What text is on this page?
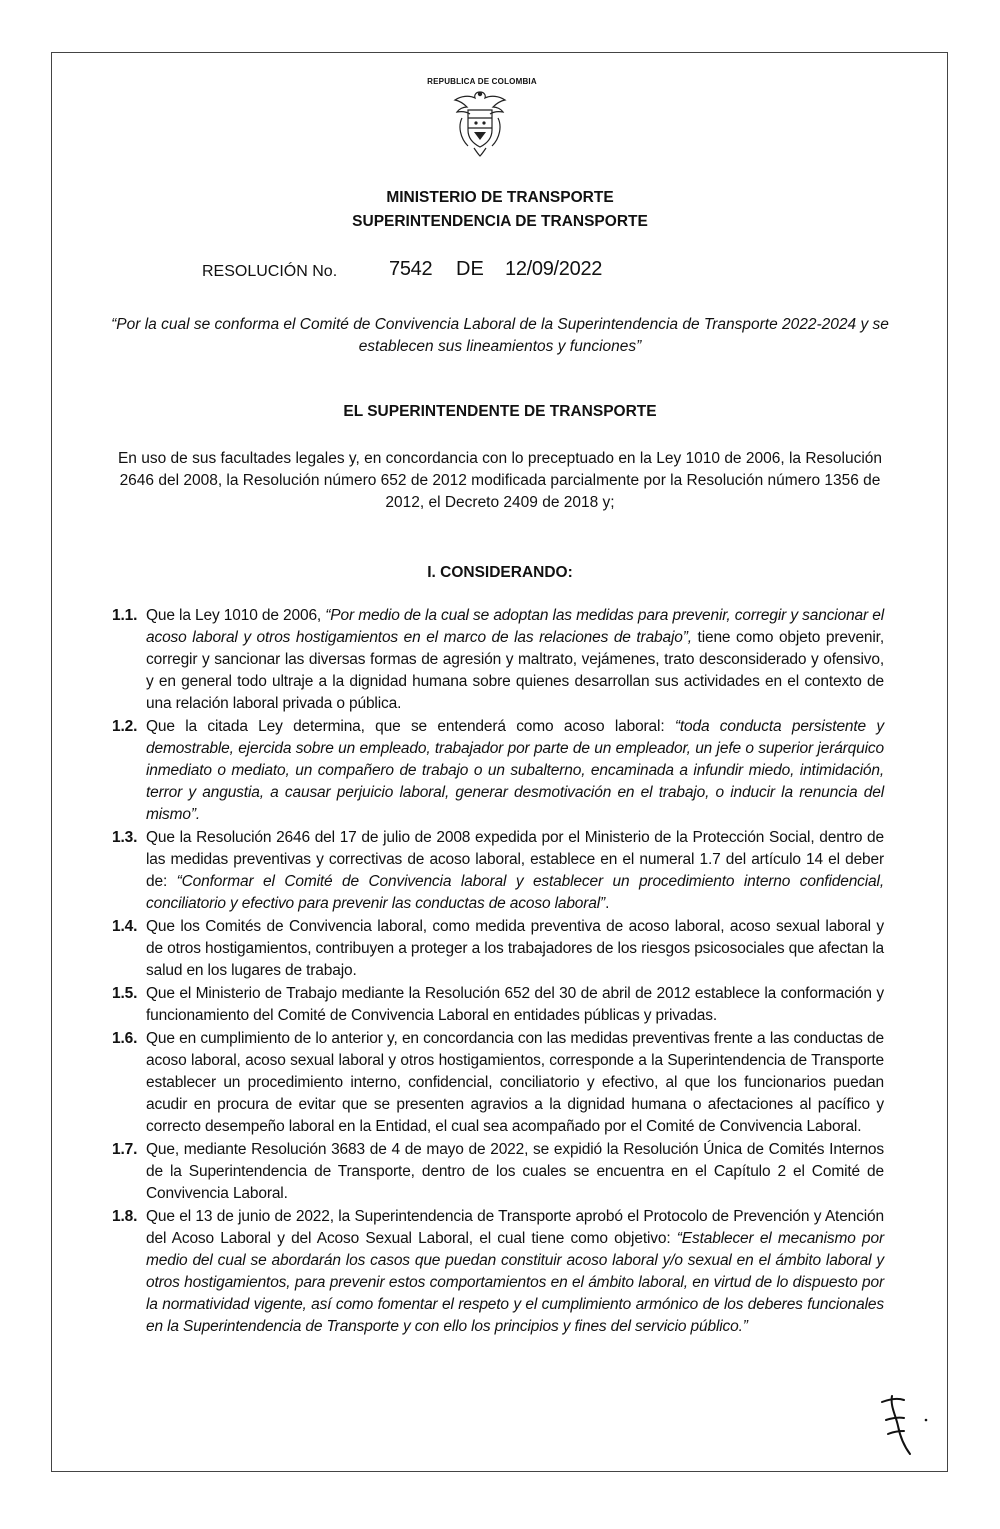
REPUBLICA DE COLOMBIA
MINISTERIO DE TRANSPORTE
SUPERINTENDENCIA DE TRANSPORTE
RESOLUCIÓN No.	7542 DE 12/09/2022
“Por la cual se conforma el Comité de Convivencia Laboral de la Superintendencia de Transporte 2022-2024 y se establecen sus lineamientos y funciones”
EL SUPERINTENDENTE DE TRANSPORTE
En uso de sus facultades legales y, en concordancia con lo preceptuado en la Ley 1010 de 2006, la Resolución 2646 del 2008, la Resolución número 652 de 2012 modificada parcialmente por la Resolución número 1356 de 2012, el Decreto 2409 de 2018 y;
I. CONSIDERANDO:
1.1. Que la Ley 1010 de 2006, “Por medio de la cual se adoptan las medidas para prevenir, corregir y sancionar el acoso laboral y otros hostigamientos en el marco de las relaciones de trabajo”, tiene como objeto prevenir, corregir y sancionar las diversas formas de agresión y maltrato, vejámenes, trato desconsiderado y ofensivo, y en general todo ultraje a la dignidad humana sobre quienes desarrollan sus actividades en el contexto de una relación laboral privada o pública.
1.2. Que la citada Ley determina, que se entenderá como acoso laboral: “toda conducta persistente y demostrable, ejercida sobre un empleado, trabajador por parte de un empleador, un jefe o superior jerárquico inmediato o mediato, un compañero de trabajo o un subalterno, encaminada a infundir miedo, intimidación, terror y angustia, a causar perjuicio laboral, generar desmotivación en el trabajo, o inducir la renuncia del mismo”.
1.3. Que la Resolución 2646 del 17 de julio de 2008 expedida por el Ministerio de la Protección Social, dentro de las medidas preventivas y correctivas de acoso laboral, establece en el numeral 1.7 del artículo 14 el deber de: “Conformar el Comité de Convivencia laboral y establecer un procedimiento interno confidencial, conciliatorio y efectivo para prevenir las conductas de acoso laboral”.
1.4. Que los Comités de Convivencia laboral, como medida preventiva de acoso laboral, acoso sexual laboral y de otros hostigamientos, contribuyen a proteger a los trabajadores de los riesgos psicosociales que afectan la salud en los lugares de trabajo.
1.5. Que el Ministerio de Trabajo mediante la Resolución 652 del 30 de abril de 2012 establece la conformación y funcionamiento del Comité de Convivencia Laboral en entidades públicas y privadas.
1.6. Que en cumplimiento de lo anterior y, en concordancia con las medidas preventivas frente a las conductas de acoso laboral, acoso sexual laboral y otros hostigamientos, corresponde a la Superintendencia de Transporte establecer un procedimiento interno, confidencial, conciliatorio y efectivo, al que los funcionarios puedan acudir en procura de evitar que se presenten agravios a la dignidad humana o afectaciones al pacífico y correcto desempeño laboral en la Entidad, el cual sea acompañado por el Comité de Convivencia Laboral.
1.7. Que, mediante Resolución 3683 de 4 de mayo de 2022, se expidió la Resolución Única de Comités Internos de la Superintendencia de Transporte, dentro de los cuales se encuentra en el Capítulo 2 el Comité de Convivencia Laboral.
1.8. Que el 13 de junio de 2022, la Superintendencia de Transporte aprobó el Protocolo de Prevención y Atención del Acoso Laboral y del Acoso Sexual Laboral, el cual tiene como objetivo: “Establecer el mecanismo por medio del cual se abordarán los casos que puedan constituir acoso laboral y/o sexual en el ámbito laboral y otros hostigamientos, para prevenir estos comportamientos en el ámbito laboral, en virtud de lo dispuesto por la normatividad vigente, así como fomentar el respeto y el cumplimiento armónico de los deberes funcionales en la Superintendencia de Transporte y con ello los principios y fines del servicio público.”
